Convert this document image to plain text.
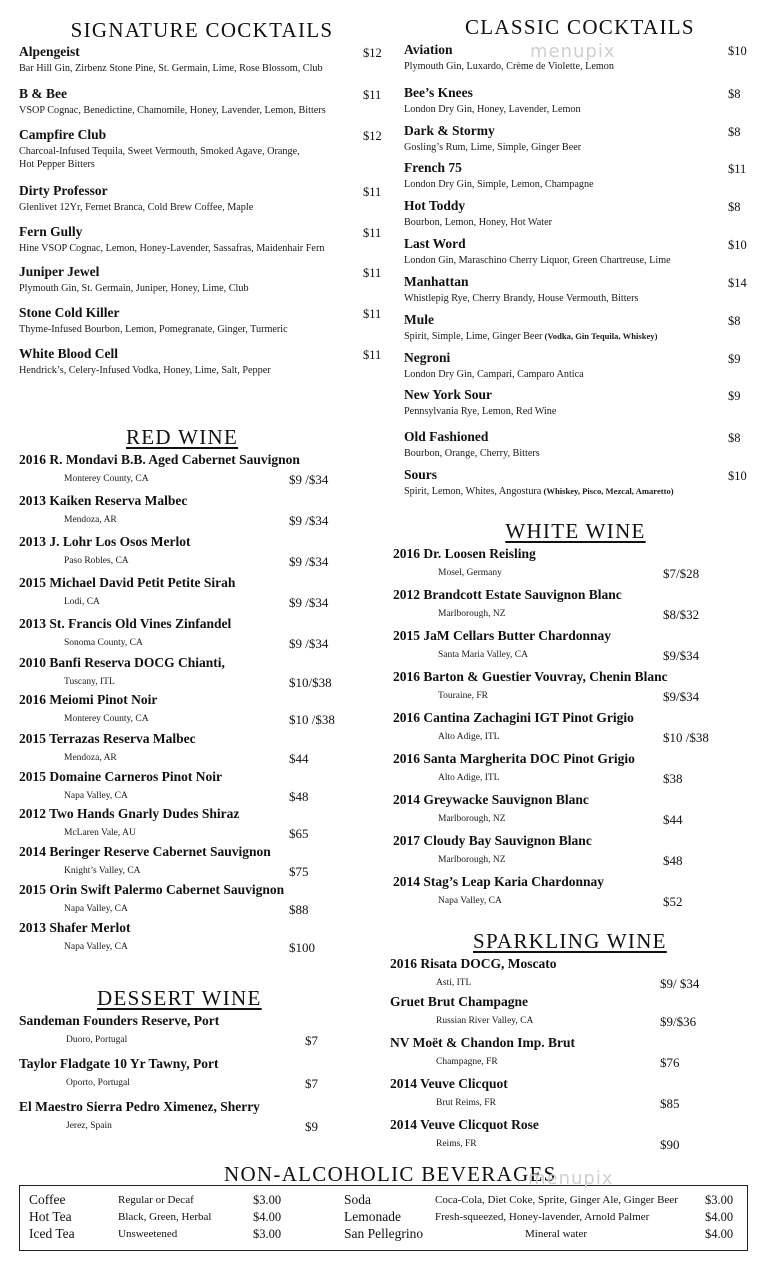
SIGNATURE COCKTAILS	CLASSIC COCKTAILS
RED WINE
WHITE WINE
DESSERT WINE
SPARKLING WINE
NON-ALCOHOLIC BEVERAGES
Alpengeist	$12
Bar Hill Gin, Zirbenz Stone Pine, St. Germain, Lime, Rose Blossom, Club
B & Bee	$11
VSOP Cognac, Benedictine, Chamomile, Honey, Lavender, Lemon, Bitters
Campfire Club	$12
Charcoal-Infused Tequila, Sweet Vermouth, Smoked Agave, Orange,
Hot Pepper Bitters
Dirty Professor	$11
Glenlivet 12Yr, Fernet Branca, Cold Brew Coffee, Maple
Fern Gully	$11
Hine VSOP Cognac, Lemon, Honey-Lavender, Sassafras, Maidenhair Fern
Juniper Jewel	$11
Plymouth Gin, St. Germain, Juniper, Honey, Lime, Club
Stone Cold Killer	$11
Thyme-Infused Bourbon, Lemon, Pomegranate, Ginger, Turmeric
White Blood Cell	$11
Hendrick’s, Celery-Infused Vodka, Honey, Lime, Salt, Pepper
Aviation	$10
Plymouth Gin, Luxardo, Crème de Violette, Lemon
Bee’s Knees	$8
London Dry Gin, Honey, Lavender, Lemon
Dark & Stormy	$8
Gosling’s Rum, Lime, Simple, Ginger Beer
French 75	$11
London Dry Gin, Simple, Lemon, Champagne
Hot Toddy	$8
Bourbon, Lemon, Honey, Hot Water
Last Word	$10
London Gin, Maraschino Cherry Liquor, Green Chartreuse, Lime
Manhattan	$14
Whistlepig Rye, Cherry Brandy, House Vermouth, Bitters
Mule	$8
Spirit, Simple, Lime, Ginger Beer (Vodka, Gin Tequila, Whiskey)
Negroni	$9
London Dry Gin, Campari, Camparo Antica
New York Sour	$9
Pennsylvania Rye, Lemon, Red Wine
Old Fashioned	$8
Bourbon, Orange, Cherry, Bitters
Sours	$10
Spirit, Lemon, Whites, Angostura (Whiskey, Pisco, Mezcal, Amaretto)
2016 R. Mondavi B.B. Aged Cabernet Sauvignon
Monterey County, CA	$9 /$34
2013 Kaiken Reserva Malbec
Mendoza, AR	$9 /$34
2013 J. Lohr Los Osos Merlot
Paso Robles, CA	$9 /$34
2015 Michael David Petit Petite Sirah
Lodi, CA	$9 /$34
2013 St. Francis Old Vines Zinfandel
Sonoma County, CA	$9 /$34
2010 Banfi Reserva DOCG Chianti,
Tuscany, ITL	$10/$38
2016 Meiomi Pinot Noir
Monterey County, CA	$10 /$38
2015 Terrazas Reserva Malbec
Mendoza, AR	$44
2015 Domaine Carneros Pinot Noir
Napa Valley, CA	$48
2012 Two Hands Gnarly Dudes Shiraz
McLaren Vale, AU	$65
2014 Beringer Reserve Cabernet Sauvignon
Knight’s Valley, CA	$75
2015 Orin Swift Palermo Cabernet Sauvignon
Napa Valley, CA	$88
2013 Shafer Merlot
Napa Valley, CA	$100
2016 Dr. Loosen Reisling
Mosel, Germany	$7/$28
2012 Brandcott Estate Sauvignon Blanc
Marlborough, NZ	$8/$32
2015 JaM Cellars Butter Chardonnay
Santa Maria Valley, CA	$9/$34
2016 Barton & Guestier Vouvray, Chenin Blanc
Touraine, FR	$9/$34
2016 Cantina Zachagini IGT Pinot Grigio
Alto Adige, ITL	$10 /$38
2016 Santa Margherita DOC Pinot Grigio
Alto Adige, ITL	$38
2014 Greywacke Sauvignon Blanc
Marlborough, NZ	$44
2017 Cloudy Bay Sauvignon Blanc
Marlborough, NZ	$48
2014 Stag’s Leap Karia Chardonnay
Napa Valley, CA	$52
Sandeman Founders Reserve, Port
Duoro, Portugal	$7
Taylor Fladgate 10 Yr Tawny, Port
Oporto, Portugal	$7
El Maestro Sierra Pedro Ximenez, Sherry
Jerez, Spain	$9
2016 Risata DOCG, Moscato
Asti, ITL	$9/ $34
Gruet Brut Champagne
Russian River Valley, CA	$9/$36
NV Moët & Chandon Imp. Brut
Champagne, FR	$76
2014 Veuve Clicquot
Brut Reims, FR	$85
2014 Veuve Clicquot Rose
Reims, FR	$90
Coffee	Regular or Decaf	$3.00
Hot Tea	Black, Green, Herbal	$4.00
Iced Tea	Unsweetened	$3.00
Soda	Coca-Cola, Diet Coke, Sprite, Ginger Ale, Ginger Beer $3.00
Lemonade	Fresh-squeezed, Honey-lavender, Arnold Palmer	$4.00
San Pellegrino	Mineral water	$4.00
menupix
menupix
